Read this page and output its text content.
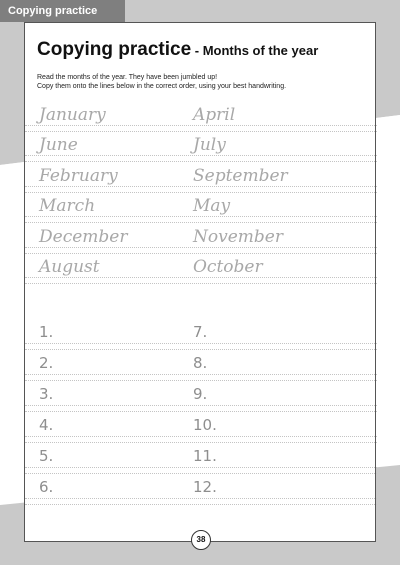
Copying practice
Copying practice - Months of the year
Read the months of the year. They have been jumbled up!
Copy them onto the lines below in the correct order, using your best handwriting.
January	April
June	July
February	September
March	May
December	November
August	October
1.	7.
2.	8.
3.	9.
4.	10.
5.	11.
6.	12.
38
